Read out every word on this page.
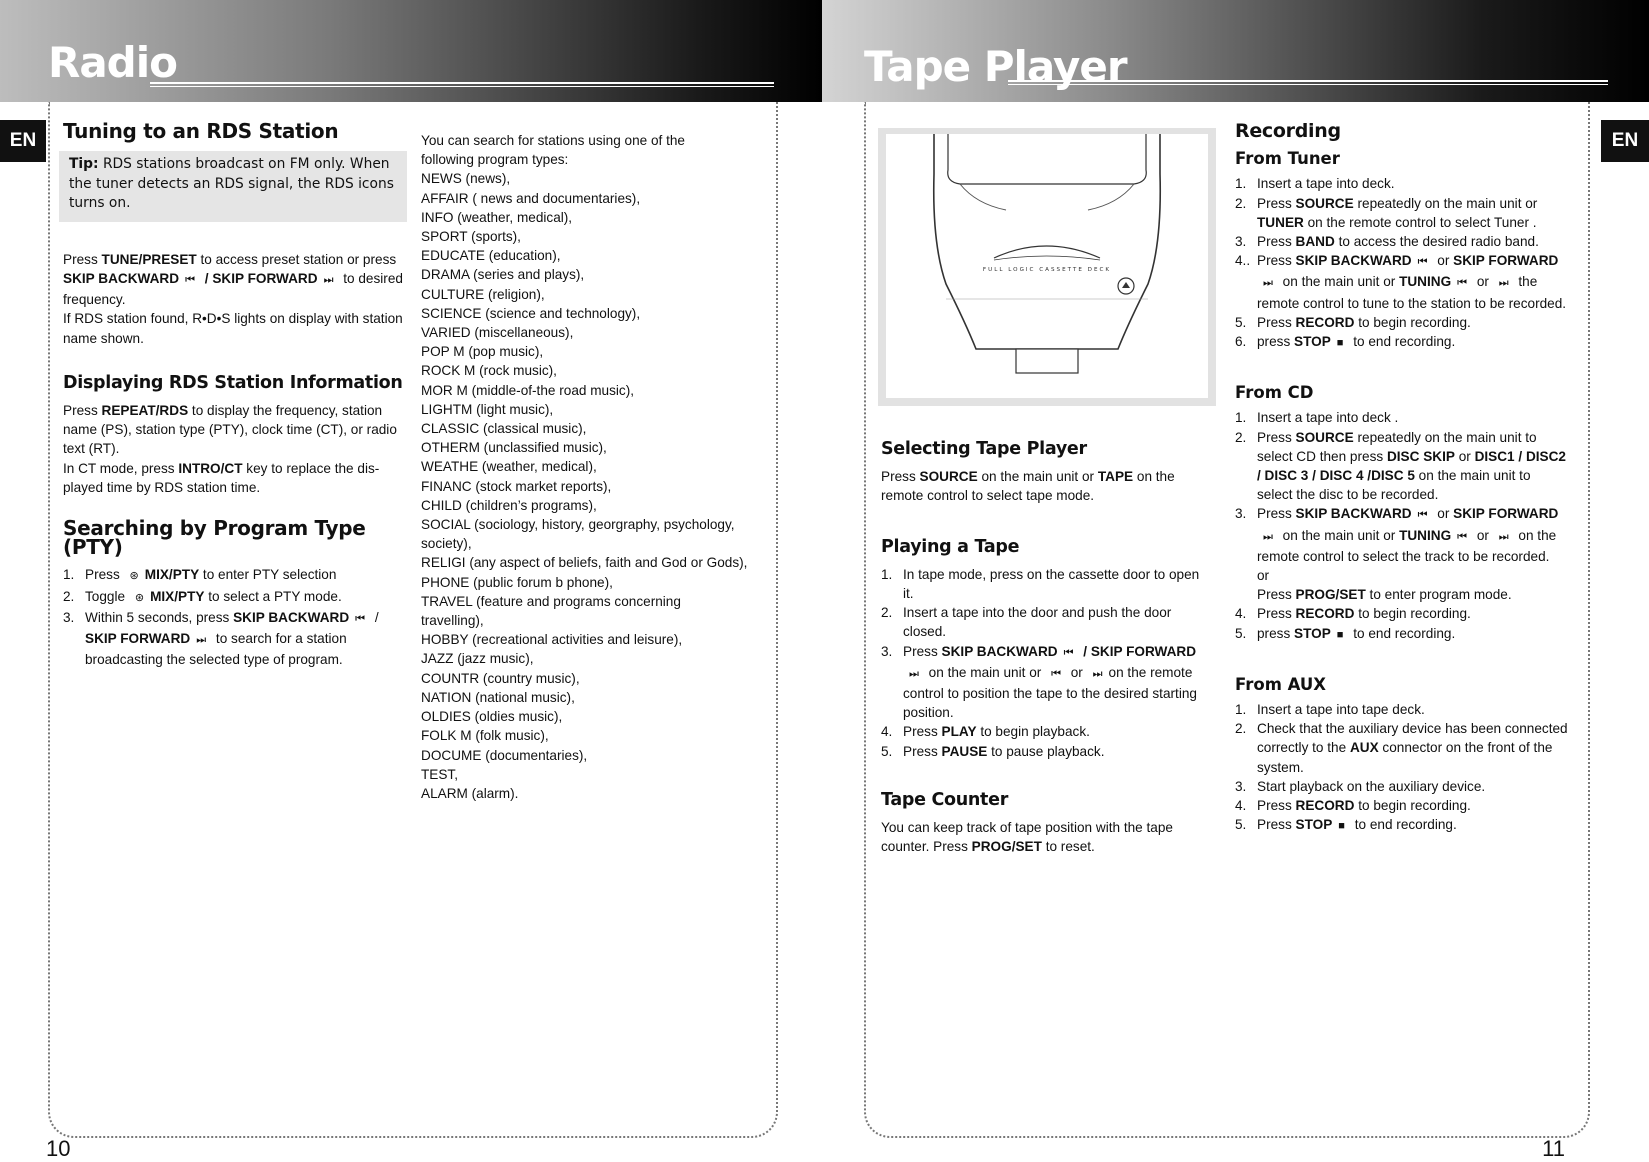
Radio
EN
10
Tuning to an RDS Station
Tip: RDS stations broadcast on FM only. When the tuner detects an RDS signal, the RDS icons turns on.

Press TUNE/PRESET to access preset station or press SKIP BACKWARD ⏮ / SKIP FORWARD ⏭ to desired frequency.

If RDS station found, R•D•S lights on display with station name shown.

Displaying RDS Station Information

Press REPEAT/RDS to display the frequency, station name (PS), station type (PTY), clock time (CT), or radio text (RT).

In CT mode, press INTRO/CT key to replace the dis-played time by RDS station time.

Searching by Program Type (PTY)
1. Press ⊛ MIX/PTY to enter PTY selection
2. Toggle ⊛ MIX/PTY to select a PTY mode.
3. Within 5 seconds, press SKIP BACKWARD ⏮ / SKIP FORWARD ⏭ to search for a station broadcasting the selected type of program.

You can search for stations using one of the following program types:

NEWS (news),
AFFAIR ( news and documentaries),
INFO (weather, medical),
SPORT (sports),
EDUCATE (education),
DRAMA (series and plays),
CULTURE (religion),
SCIENCE (science and technology),
VARIED (miscellaneous),
POP M (pop music),
ROCK M (rock music),
MOR M (middle-of-the road music),
LIGHTM (light music),
CLASSIC (classical music),
OTHERM (unclassified music),
WEATHE (weather, medical),
FINANC (stock market reports),
CHILD (children’s programs),
SOCIAL (sociology, history, georgraphy, psychology,
society),
RELIGI (any aspect of beliefs, faith and God or Gods),
PHONE (public forum b phone),
TRAVEL (feature and programs concerning
travelling),
HOBBY (recreational activities and leisure),
JAZZ (jazz music),
COUNTR (country music),
NATION (national music),
OLDIES (oldies music),
FOLK M (folk music),
DOCUME (documentaries),
TEST,
ALARM (alarm).
Tape Player
EN
11
FULL LOGIC CASSETTE DECK
Selecting Tape Player

Press SOURCE on the main unit or TAPE on the remote control to select tape mode.

Playing a Tape
1. In tape mode, press on the cassette door to open it.
2. Insert a tape into the door and push the door closed.
3. Press SKIP BACKWARD ⏮ / SKIP FORWARD⏭ on the main unit or ⏮ or ⏭ on the remote control to position the tape to the desired starting position.
4. Press PLAY to begin playback.
5. Press PAUSE to pause playback.
Tape Counter

You can keep track of tape position with the tape counter. Press PROG/SET to reset.

Recording
From Tuner
1. Insert a tape into deck.
2. Press SOURCE repeatedly on the main unit or TUNER on the remote control to select Tuner .
3. Press BAND to access the desired radio band.
4.. Press SKIP BACKWARD ⏮ or SKIP FORWARD⏭ on the main unit or TUNING ⏮ or ⏭ the remote control to tune to the station to be recorded.
5. Press RECORD to begin recording.
6. press STOP ■ to end recording.
From CD
1. Insert a tape into deck .
2. Press SOURCE repeatedly on the main unit to select CD then press DISC SKIP or DISC1 / DISC2 / DISC 3 / DISC 4 /DISC 5 on the main unit to select the disc to be recorded.
3. Press SKIP BACKWARD ⏮ or SKIP FORWARD⏭ on the main unit or TUNING ⏮ or ⏭ on the remote control to select the track to be recorded.
or
Press PROG/SET to enter program mode.
4. Press RECORD to begin recording.
5. press STOP ■ to end recording.
From AUX
1. Insert a tape into tape deck.
2. Check that the auxiliary device has been connected correctly to the AUX connector on the front of the system.
3. Start playback on the auxiliary device.
4. Press RECORD to begin recording.
5. Press STOP ■ to end recording.
